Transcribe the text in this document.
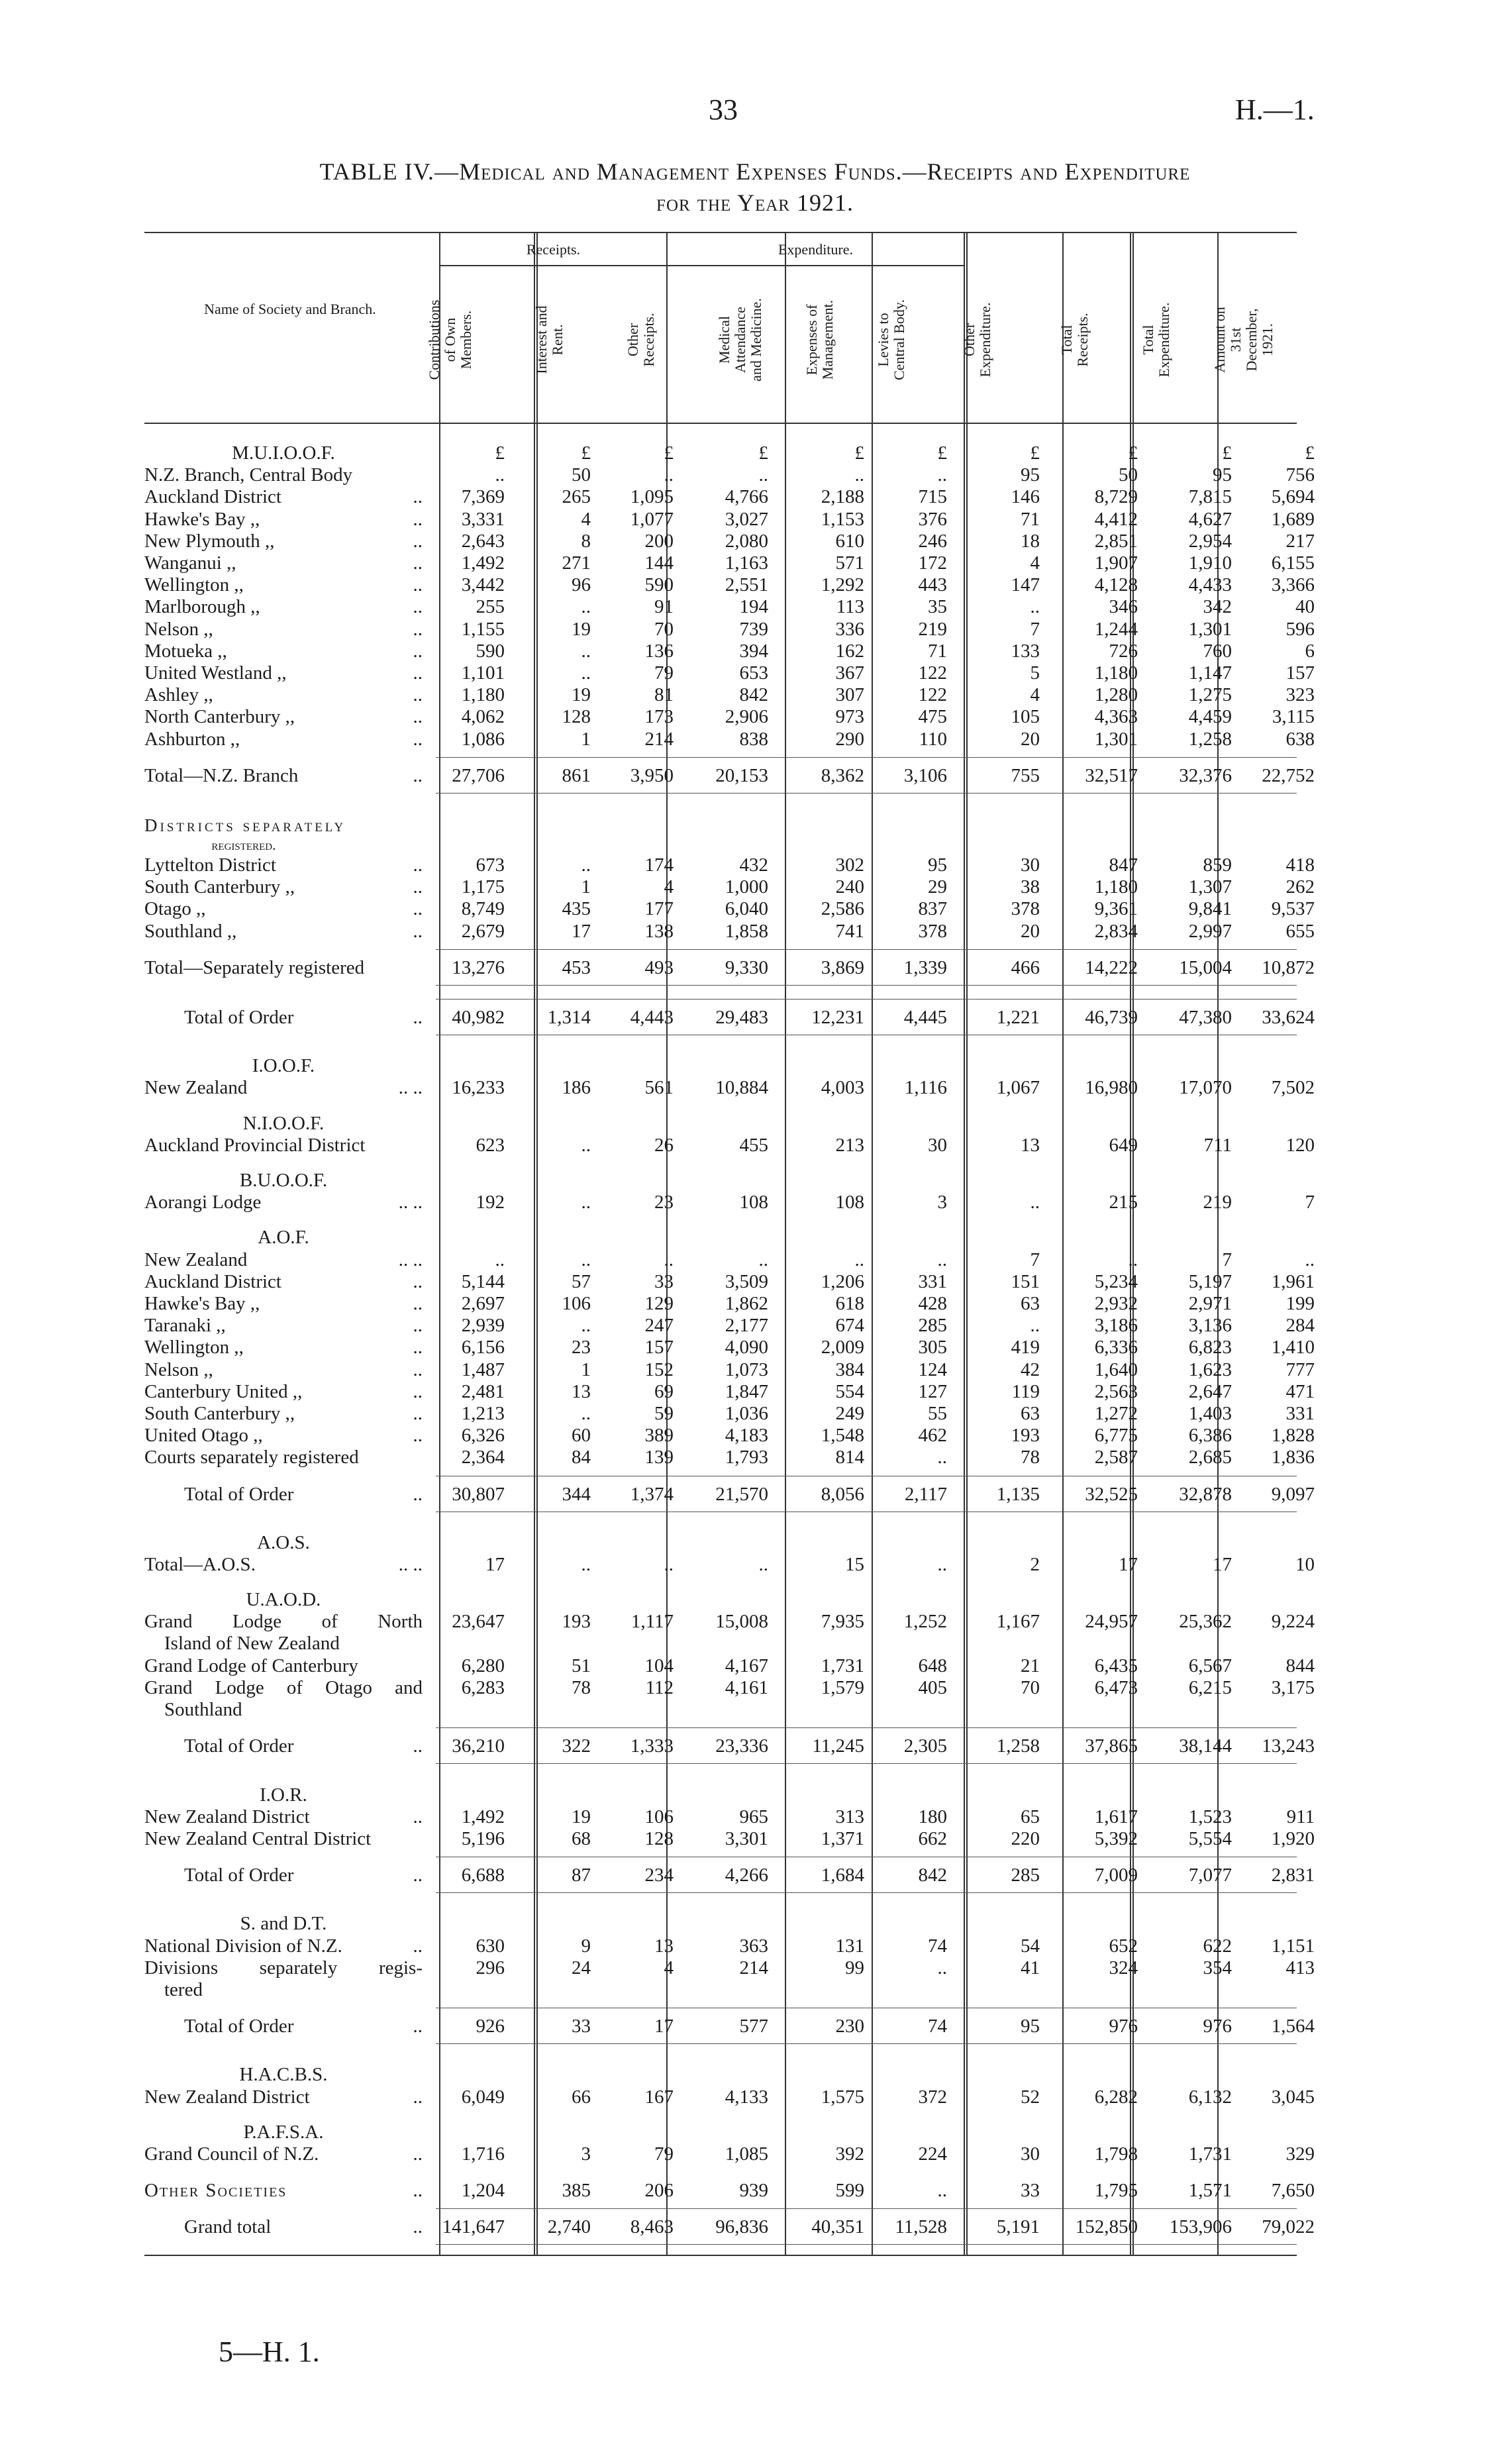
33	H.—1.
TABLE IV.—Medical and Management Expenses Funds.—Receipts and Expenditure
for the Year 1921.
Name of Society and Branch.
Receipts.	Expenditure.
Contributions of Own Members.	Interest and Rent.	Other Receipts.	Medical Attendance and Medicine.	Expenses of Management.	Levies to Central Body.	Other Expenditure.	Total Receipts.	Total Expenditure.	Amount on 31st December, 1921.
M.U.I.O.O.F.	£	£	£	£	£	£	£	£	£	£
N.Z. Branch, Central Body	..	50	..	..	..	..	95	50	95	756
Auckland District	.. 7,369	265 1,095	4,766	2,188	715	146	8,729	7,815 5,694
Hawke's Bay ,,	.. 3,331	4 1,077	3,027	1,153	376	71	4,412	4,627 1,689
New Plymouth ,,	.. 2,643	8	200	2,080	610	246	18	2,851	2,954	217
Wanganui ,,	.. 1,492	271	144	1,163	571	172	4	1,907	1,910 6,155
Wellington ,,	.. 3,442	96	590	2,551	1,292	443	147	4,128	4,433 3,366
Marlborough ,,	..	255	..	91	194	113	35	..	346	342	40
Nelson ,,	.. 1,155	19	70	739	336	219	7	1,244	1,301	596
Motueka ,,	..	590	..	136	394	162	71	133	726	760	6
United Westland ,,	.. 1,101	..	79	653	367	122	5	1,180	1,147	157
Ashley ,,	.. 1,180	19	81	842	307	122	4	1,280	1,275	323
North Canterbury ,,	.. 4,062	128	173	2,906	973	475	105	4,363	4,459 3,115
Ashburton ,,	.. 1,086	1	214	838	290	110	20	1,301	1,258	638
Total—N.Z. Branch	.. 27,706	861 3,950 20,153	8,362 3,106	755 32,517 32,376 22,752
Districts separately
registered.
Lyttelton District	..	673	..	174	432	302	95	30	847	859	418
South Canterbury ,,	.. 1,175	1	4	1,000	240	29	38	1,180	1,307	262
Otago ,,	.. 8,749	435	177	6,040	2,586	837	378	9,361	9,841 9,537
Southland ,,	.. 2,679	17	138	1,858	741	378	20	2,834	2,997	655
Total—Separately registered	13,276	453	493	9,330	3,869 1,339	466 14,222 15,004 10,872
Total of Order	.. 40,982 1,314 4,443 29,483 12,231 4,445	1,221 46,739 47,380 33,624
I.O.O.F.
New Zealand	.. .. 16,233	186	561 10,884	4,003 1,116	1,067 16,980 17,070 7,502
N.I.O.O.F.
Auckland Provincial District	623	..	26	455	213	30	13	649	711	120
B.U.O.O.F.
Aorangi Lodge	.. ..	192	..	23	108	108	3	..	215	219	7
A.O.F.
New Zealand	.. ..	..	..	..	..	..	..	7	..	7	..
Auckland District	.. 5,144	57	33	3,509	1,206	331	151	5,234	5,197 1,961
Hawke's Bay ,,	.. 2,697	106	129	1,862	618	428	63	2,932	2,971	199
Taranaki ,,	.. 2,939	..	247	2,177	674	285	..	3,186	3,136	284
Wellington ,,	.. 6,156	23	157	4,090	2,009	305	419	6,336	6,823 1,410
Nelson ,,	.. 1,487	1	152	1,073	384	124	42	1,640	1,623	777
Canterbury United ,,	.. 2,481	13	69	1,847	554	127	119	2,563	2,647	471
South Canterbury ,,	.. 1,213	..	59	1,036	249	55	63	1,272	1,403	331
United Otago ,,	.. 6,326	60	389	4,183	1,548	462	193	6,775	6,386 1,828
Courts separately registered	2,364	84	139	1,793	814	..	78	2,587	2,685 1,836
Total of Order	.. 30,807	344 1,374 21,570	8,056 2,117	1,135 32,525 32,878 9,097
A.O.S.
Total—A.O.S.	.. ..	17	..	..	..	15	..	2	17	17	10
U.A.O.D.
Grand Lodge of North
Island of New Zealand
23,647	193 1,117 15,008	7,935 1,252	1,167 24,957 25,362 9,224
Grand Lodge of Canterbury	6,280	51	104	4,167	1,731	648	21	6,435	6,567	844
Grand Lodge of Otago and
Southland
6,283	78	112	4,161	1,579	405	70	6,473	6,215 3,175
Total of Order	.. 36,210	322 1,333 23,336 11,245 2,305	1,258 37,865 38,144 13,243
I.O.R.
New Zealand District	.. 1,492	19	106	965	313	180	65	1,617	1,523	911
New Zealand Central District	5,196	68	128	3,301	1,371	662	220	5,392	5,554 1,920
Total of Order	.. 6,688	87	234	4,266	1,684	842	285	7,009	7,077 2,831
S. and D.T.
National Division of N.Z.	..	630	9	13	363	131	74	54	652	622 1,151
Divisions separately regis-
tered
296	24	4	214	99	..	41	324	354	413
Total of Order	..	926	33	17	577	230	74	95	976	976 1,564
H.A.C.B.S.
New Zealand District	.. 6,049	66	167	4,133	1,575	372	52	6,282	6,132 3,045
P.A.F.S.A.
Grand Council of N.Z.	.. 1,716	3	79	1,085	392	224	30	1,798	1,731	329
Other Societies	.. 1,204	385	206	939	599	..	33	1,795	1,571 7,650
Grand total	.. 141,647 2,740 8,463 96,836 40,351 11,528	5,191 152,850 153,906 79,022
5—H. 1.
